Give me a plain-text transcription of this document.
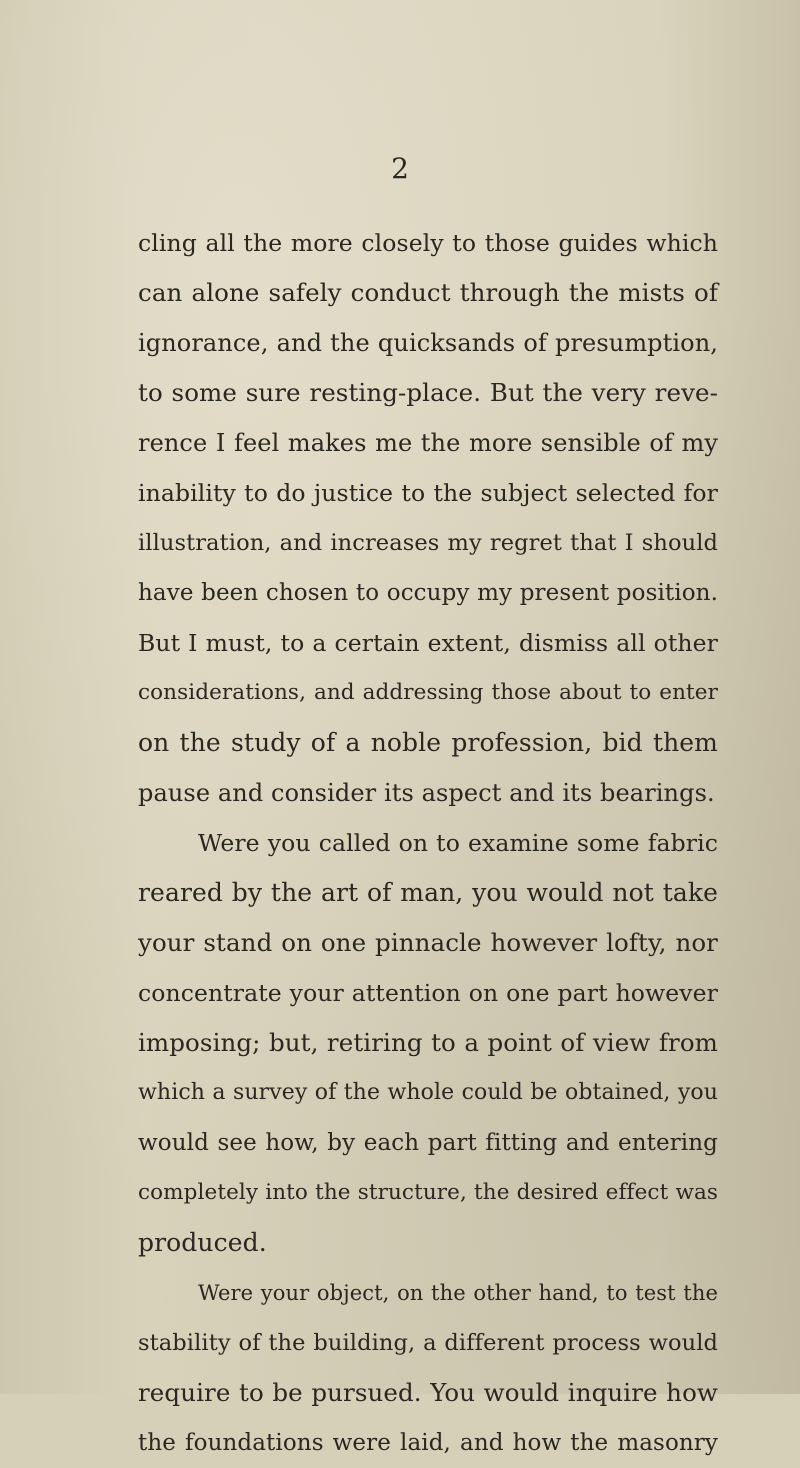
2

cling all the more closely to those guides which
can alone safely conduct through the mists of
ignorance, and the quicksands of presumption,
to some sure resting-place. But the very reve-
rence I feel makes me the more sensible of my
inability to do justice to the subject selected for
illustration, and increases my regret that I should
have been chosen to occupy my present position.
But I must, to a certain extent, dismiss all other
considerations, and addressing those about to enter
on the study of a noble profession, bid them
pause and consider its aspect and its bearings.
Were you called on to examine some fabric
reared by the art of man, you would not take
your stand on one pinnacle however lofty, nor
concentrate your attention on one part however
imposing; but, retiring to a point of view from
which a survey of the whole could be obtained, you
would see how, by each part fitting and entering
completely into the structure, the desired effect was
produced.
Were your object, on the other hand, to test the
stability of the building, a different process would
require to be pursued. You would inquire how
the foundations were laid, and how the masonry
